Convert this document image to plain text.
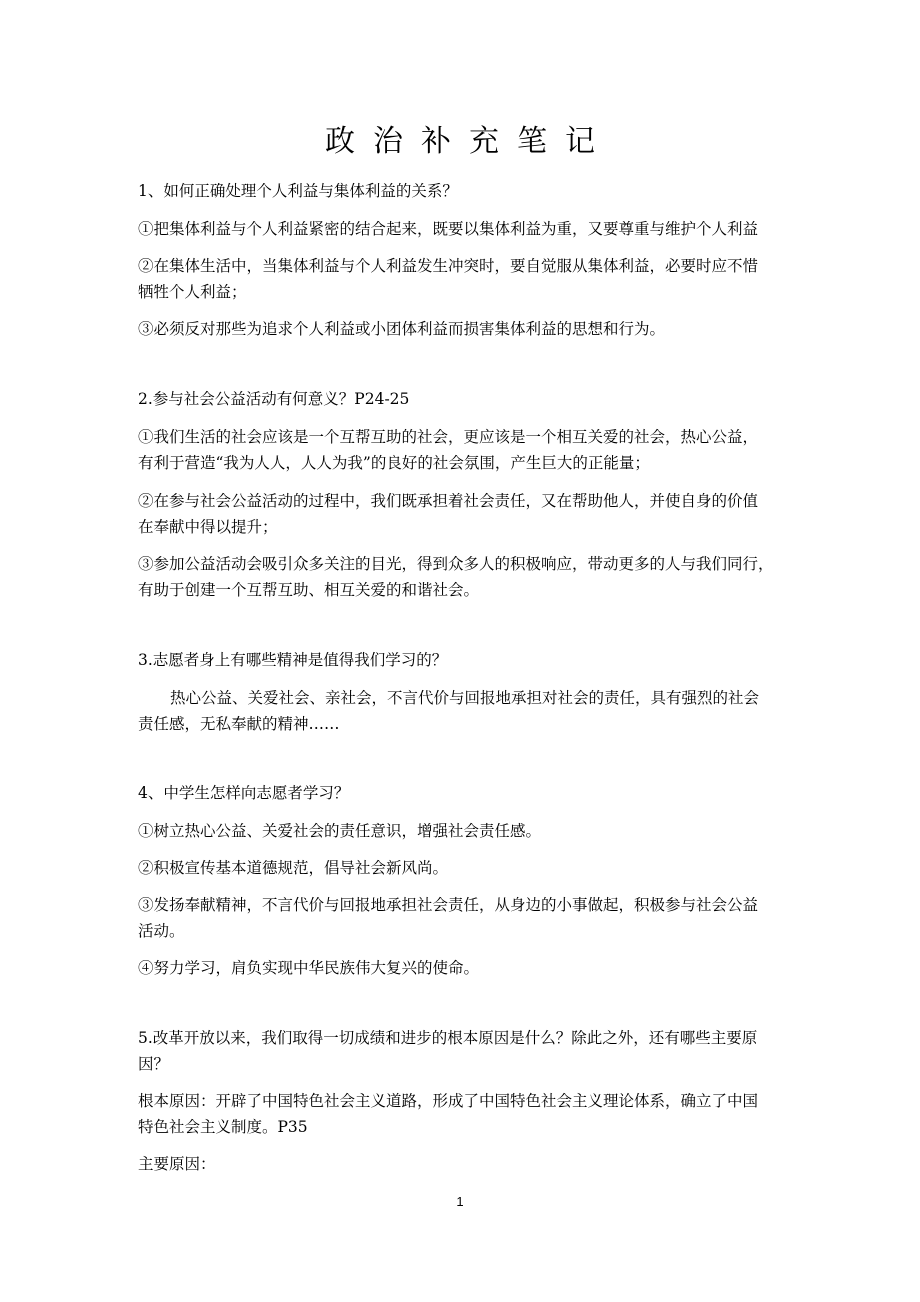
政治补充笔记
1、如何正确处理个人利益与集体利益的关系？
①把集体利益与个人利益紧密的结合起来，既要以集体利益为重，又要尊重与维护个人利益
②在集体生活中，当集体利益与个人利益发生冲突时，要自觉服从集体利益，必要时应不惜
牺牲个人利益；
③必须反对那些为追求个人利益或小团体利益而损害集体利益的思想和行为。
2.参与社会公益活动有何意义？P24-25
①我们生活的社会应该是一个互帮互助的社会，更应该是一个相互关爱的社会，热心公益，
有利于营造“我为人人，人人为我”的良好的社会氛围，产生巨大的正能量；
②在参与社会公益活动的过程中，我们既承担着社会责任，又在帮助他人，并使自身的价值
在奉献中得以提升；
③参加公益活动会吸引众多关注的目光，得到众多人的积极响应，带动更多的人与我们同行，
有助于创建一个互帮互助、相互关爱的和谐社会。
3.志愿者身上有哪些精神是值得我们学习的？
热心公益、关爱社会、亲社会，不言代价与回报地承担对社会的责任，具有强烈的社会
责任感，无私奉献的精神……
4、中学生怎样向志愿者学习？
①树立热心公益、关爱社会的责任意识，增强社会责任感。
②积极宣传基本道德规范，倡导社会新风尚。
③发扬奉献精神，不言代价与回报地承担社会责任，从身边的小事做起，积极参与社会公益
活动。
④努力学习，肩负实现中华民族伟大复兴的使命。
5.改革开放以来，我们取得一切成绩和进步的根本原因是什么？除此之外，还有哪些主要原
因？
根本原因：开辟了中国特色社会主义道路，形成了中国特色社会主义理论体系，确立了中国
特色社会主义制度。P35
主要原因：
1
